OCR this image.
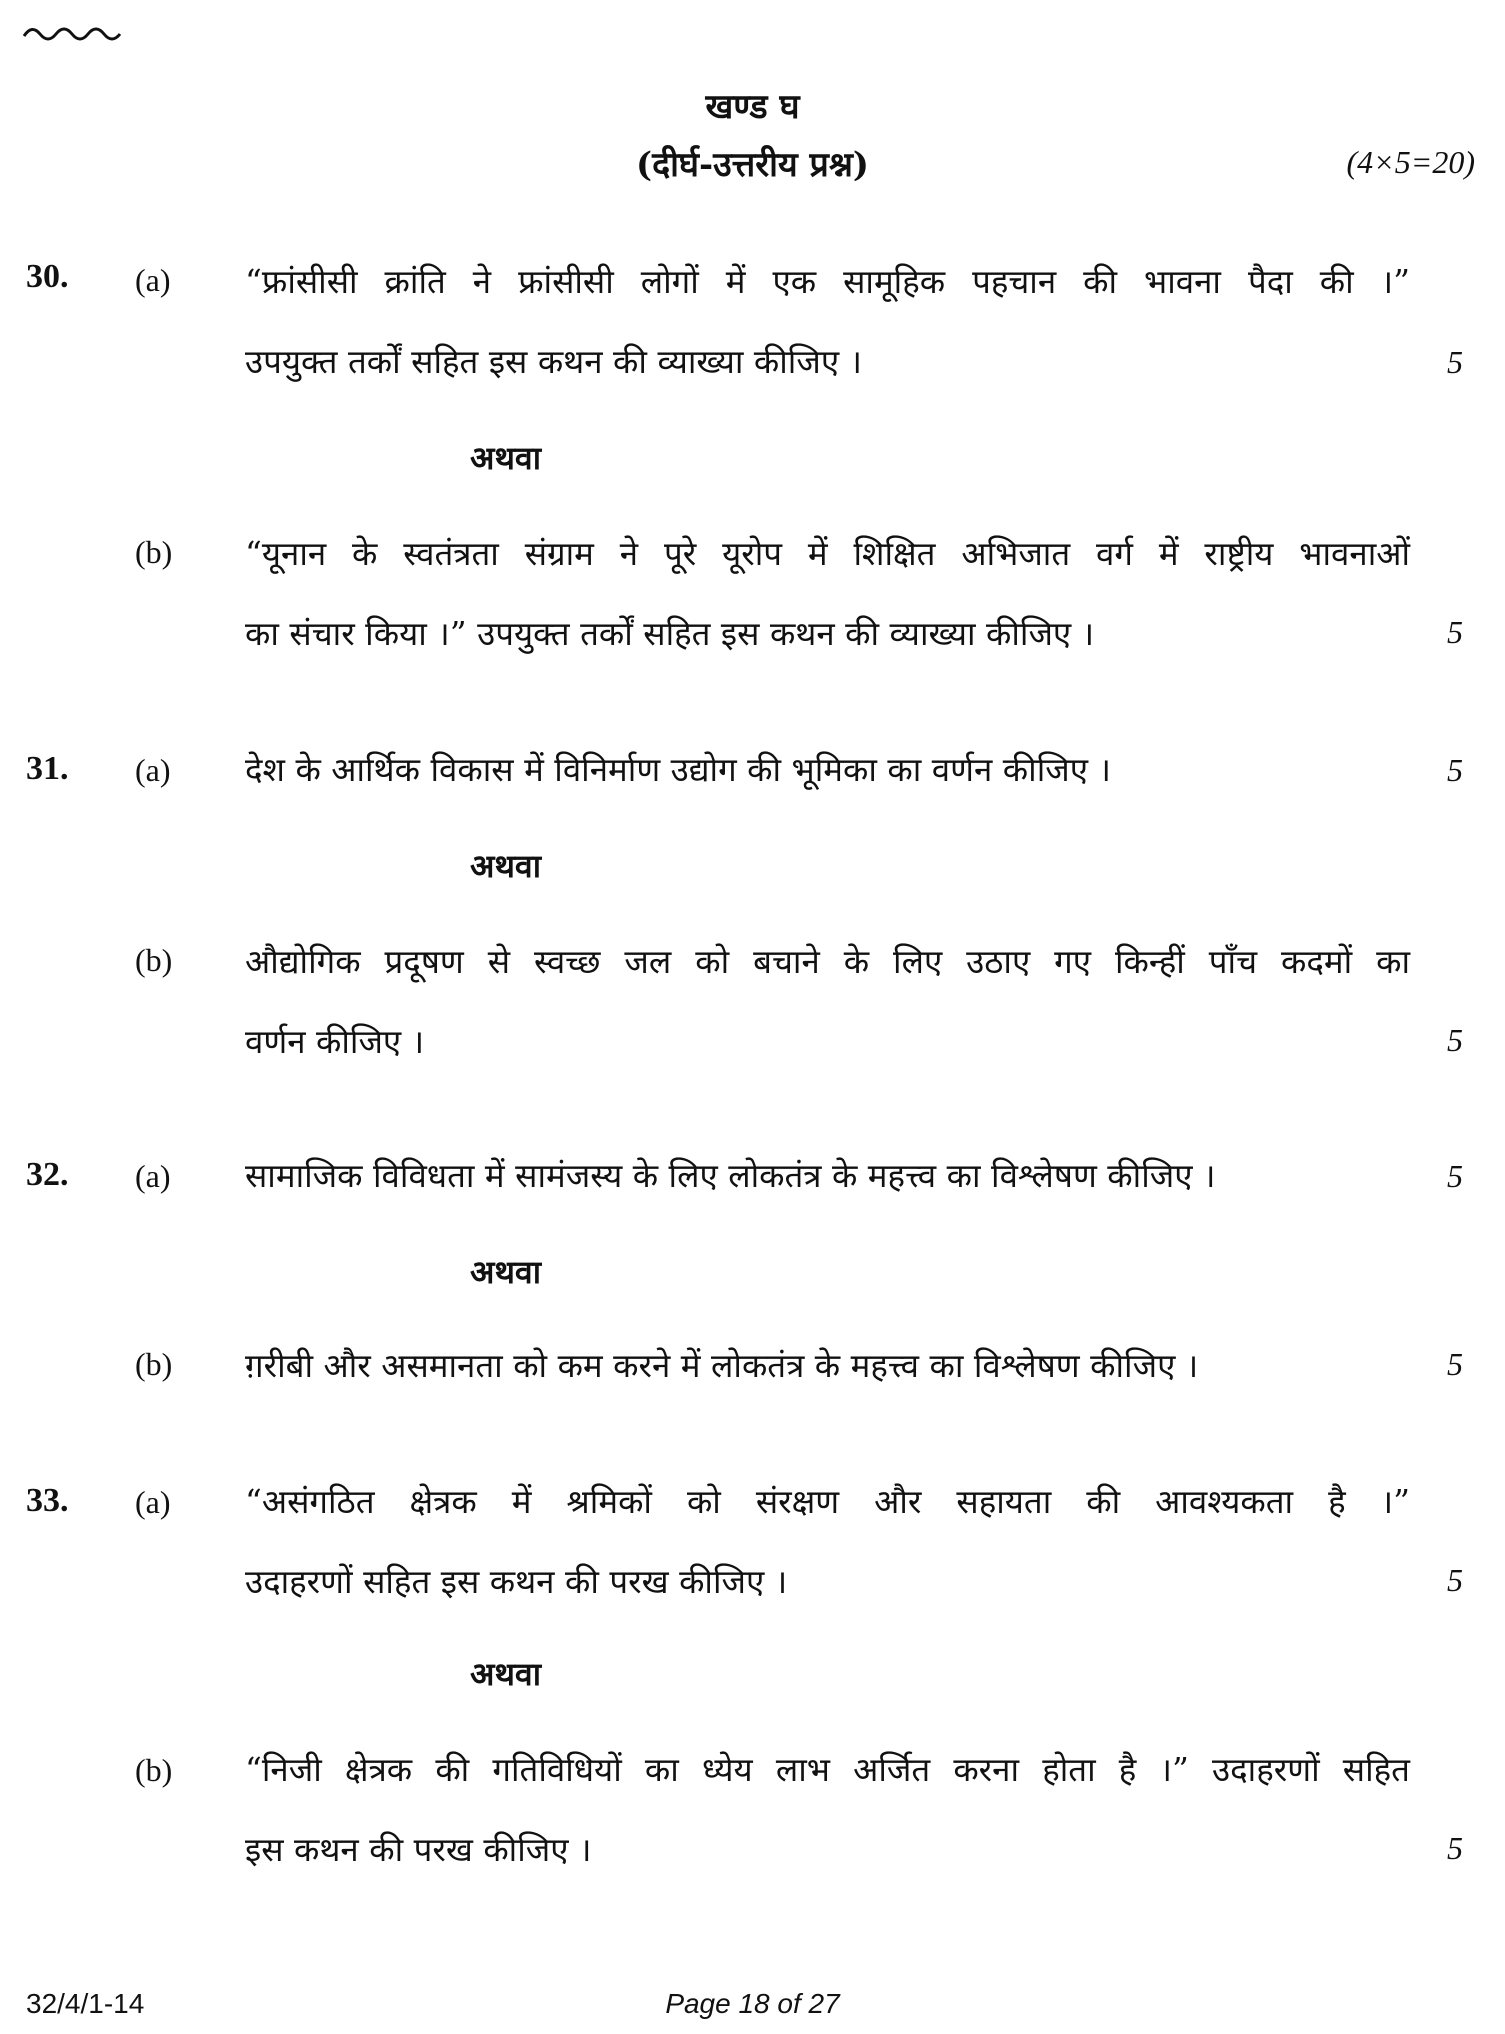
खण्ड घ
(दीर्घ-उत्तरीय प्रश्न)	(4×5=20)
30. (a) “फ्रांसीसी क्रांति ने फ्रांसीसी लोगों में एक सामूहिक पहचान की भावना पैदा की ।”
उपयुक्त तर्कों सहित इस कथन की व्याख्या कीजिए ।	5
अथवा
(b) “यूनान के स्वतंत्रता संग्राम ने पूरे यूरोप में शिक्षित अभिजात वर्ग में राष्ट्रीय भावनाओं
का संचार किया ।” उपयुक्त तर्कों सहित इस कथन की व्याख्या कीजिए ।	5
31. (a) देश के आर्थिक विकास में विनिर्माण उद्योग की भूमिका का वर्णन कीजिए ।	5
अथवा
(b) औद्योगिक प्रदूषण से स्वच्छ जल को बचाने के लिए उठाए गए किन्हीं पाँच कदमों का
वर्णन कीजिए ।	5
32. (a) सामाजिक विविधता में सामंजस्य के लिए लोकतंत्र के महत्त्व का विश्लेषण कीजिए ।	5
अथवा
(b) ग़रीबी और असमानता को कम करने में लोकतंत्र के महत्त्व का विश्लेषण कीजिए ।	5
33. (a) “असंगठित क्षेत्रक में श्रमिकों को संरक्षण और सहायता की आवश्यकता है ।”
उदाहरणों सहित इस कथन की परख कीजिए ।	5
अथवा
(b) “निजी क्षेत्रक की गतिविधियों का ध्येय लाभ अर्जित करना होता है ।” उदाहरणों सहित
इस कथन की परख कीजिए ।	5
32/4/1-14	Page 18 of 27
